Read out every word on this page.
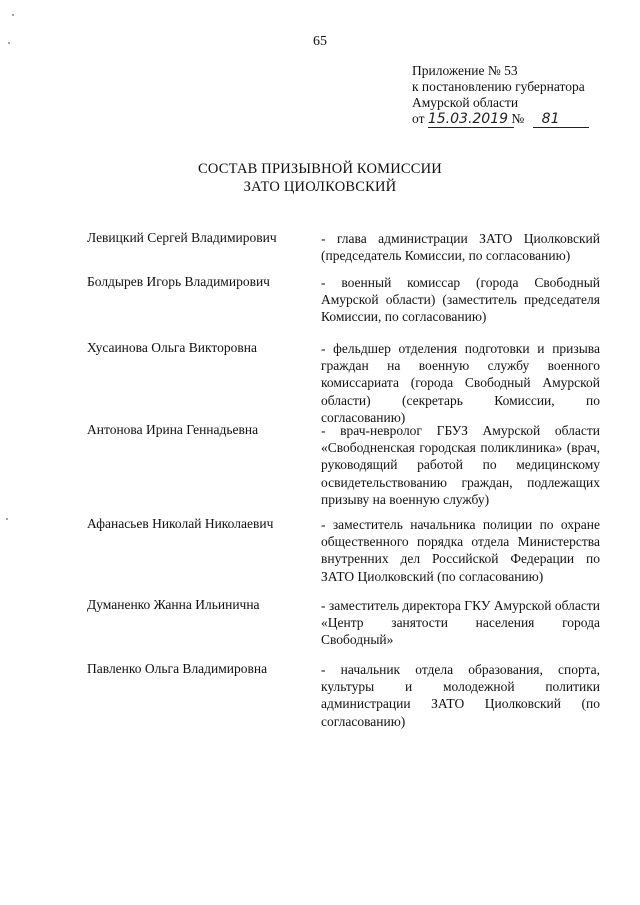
65
Приложение № 53
к постановлению губернатора
Амурской области
от 15.03.2019 № 81
СОСТАВ ПРИЗЫВНОЙ КОМИССИИ
ЗАТО ЦИОЛКОВСКИЙ
Левицкий Сергей Владимирович	- глава администрации ЗАТО Циолковский (председатель Комиссии, по согласованию)
Болдырев Игорь Владимирович	- военный комиссар (города Свободный Амурской области) (заместитель председателя Комиссии, по согласованию)
Хусаинова Ольга Викторовна	- фельдшер отделения подготовки и призыва граждан на военную службу военного комиссариата (города Свободный Амурской области) (секретарь Комиссии, по согласованию)
Антонова Ирина Геннадьевна	- врач-невролог ГБУЗ Амурской области «Свободненская городская поликлиника» (врач, руководящий работой по медицинскому освидетельствованию граждан, подлежащих призыву на военную службу)
Афанасьев Николай Николаевич	- заместитель начальника полиции по охране общественного порядка отдела Министерства внутренних дел Российской Федерации по ЗАТО Циолковский (по согласованию)
Думаненко Жанна Ильинична	- заместитель директора ГКУ Амурской области «Центр занятости населения города Свободный»
Павленко Ольга Владимировна	- начальник отдела образования, спорта, культуры и молодежной политики администрации ЗАТО Циолковский (по согласованию)
